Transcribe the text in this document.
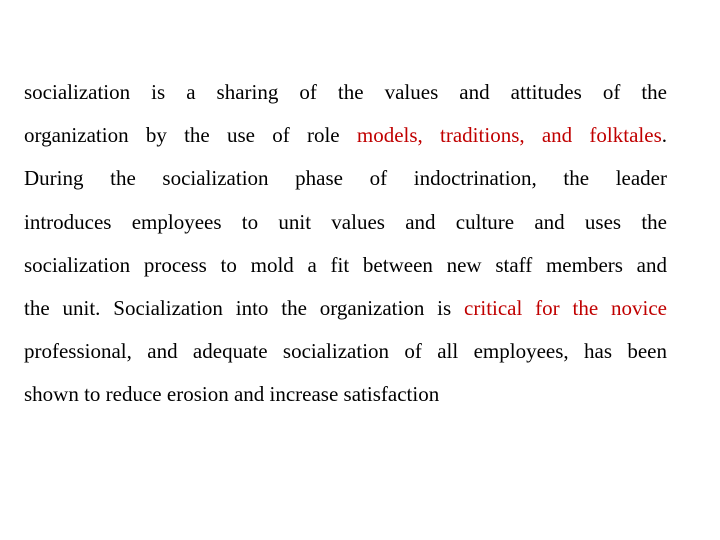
socialization is a sharing of the values and attitudes of the
organization by the use of role models, traditions, and folktales.
During the socialization phase of indoctrination, the leader
introduces employees to unit values and culture and uses the
socialization process to mold a fit between new staff members and
the unit. Socialization into the organization is critical for the novice
professional, and adequate socialization of all employees, has been
shown to reduce erosion and increase satisfaction
